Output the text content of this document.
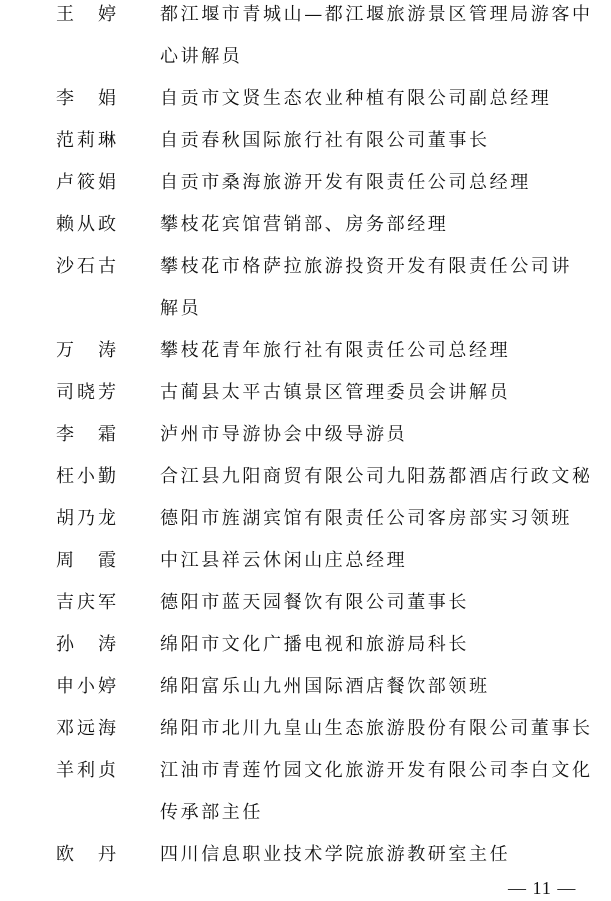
王　婷 都江堰市青城山—都江堰旅游景区管理局游客中
心讲解员
李　娟 自贡市文贤生态农业种植有限公司副总经理
范莉琳 自贡春秋国际旅行社有限公司董事长
卢筱娟 自贡市桑海旅游开发有限责任公司总经理
赖从政 攀枝花宾馆营销部、房务部经理
沙石古 攀枝花市格萨拉旅游投资开发有限责任公司讲
解员
万　涛 攀枝花青年旅行社有限责任公司总经理
司晓芳 古蔺县太平古镇景区管理委员会讲解员
李　霜 泸州市导游协会中级导游员
枉小勤 合江县九阳商贸有限公司九阳荔都酒店行政文秘
胡乃龙 德阳市旌湖宾馆有限责任公司客房部实习领班
周　霞 中江县祥云休闲山庄总经理
吉庆军 德阳市蓝天园餐饮有限公司董事长
孙　涛 绵阳市文化广播电视和旅游局科长
申小婷 绵阳富乐山九州国际酒店餐饮部领班
邓远海 绵阳市北川九皇山生态旅游股份有限公司董事长
羊利贞 江油市青莲竹园文化旅游开发有限公司李白文化
传承部主任
欧　丹 四川信息职业技术学院旅游教研室主任
— 11 —
